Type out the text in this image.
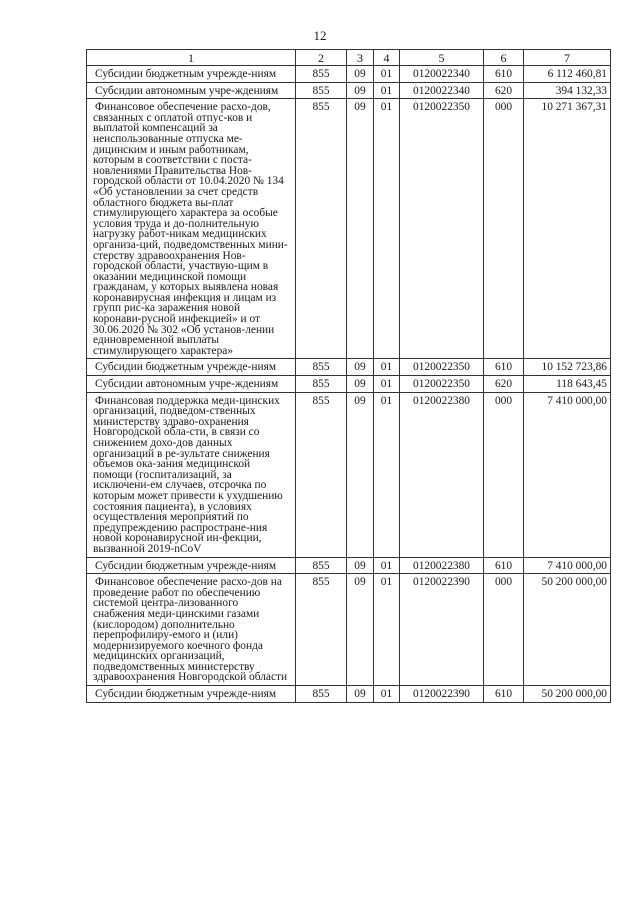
12
1	2	3	4	5	6	7
Субсидии бюджетным учрежде-ниям	855	09	01	0120022340	610	6 112 460,81
Субсидии автономным учре-ждениям	855	09	01	0120022340	620	394 132,33
Финансовое обеспечение расхо-дов, связанных с оплатой отпус-ков и выплатой компенсаций за неиспользованные отпуска ме-дицинским и иным работникам, которым в соответствии с поста-новлениями Правительства Нов-городской области от 10.04.2020 № 134 «Об установлении за счет средств областного бюджета вы-плат стимулирующего характера за особые условия труда и до-полнительную нагрузку работ-никам медицинских организа-ций, подведомственных мини-стерству здравоохранения Нов-городской области, участвую-щим в оказании медицинской помощи гражданам, у которых выявлена новая коронавирусная инфекция и лицам из групп рис-ка заражения новой коронави-русной инфекцией» и от 30.06.2020 № 302 «Об установ-лении единовременной выплаты стимулирующего характера»	855	09	01	0120022350	000	10 271 367,31
Субсидии бюджетным учрежде-ниям	855	09	01	0120022350	610	10 152 723,86
Субсидии автономным учре-ждениям	855	09	01	0120022350	620	118 643,45
Финансовая поддержка меди-цинских организаций, подведом-ственных министерству здраво-охранения Новгородской обла-сти, в связи со снижением дохо-дов данных организаций в ре-зультате снижения объемов ока-зания медицинской помощи (госпитализаций, за исключени-ем случаев, отсрочка по которым может привести к ухудшению состояния пациента), в условиях осуществления мероприятий по предупреждению распростране-ния новой коронавирусной ин-фекции, вызванной 2019-nCoV	855	09	01	0120022380	000	7 410 000,00
Субсидии бюджетным учрежде-ниям	855	09	01	0120022380	610	7 410 000,00
Финансовое обеспечение расхо-дов на проведение работ по обеспечению системой центра-лизованного снабжения меди-цинскими газами (кислородом) дополнительно перепрофилиру-емого и (или) модернизируемого коечного фонда медицинских организаций, подведомственных министерству здравоохранения Новгородской области	855	09	01	0120022390	000	50 200 000,00
Субсидии бюджетным учрежде-ниям	855	09	01	0120022390	610	50 200 000,00
